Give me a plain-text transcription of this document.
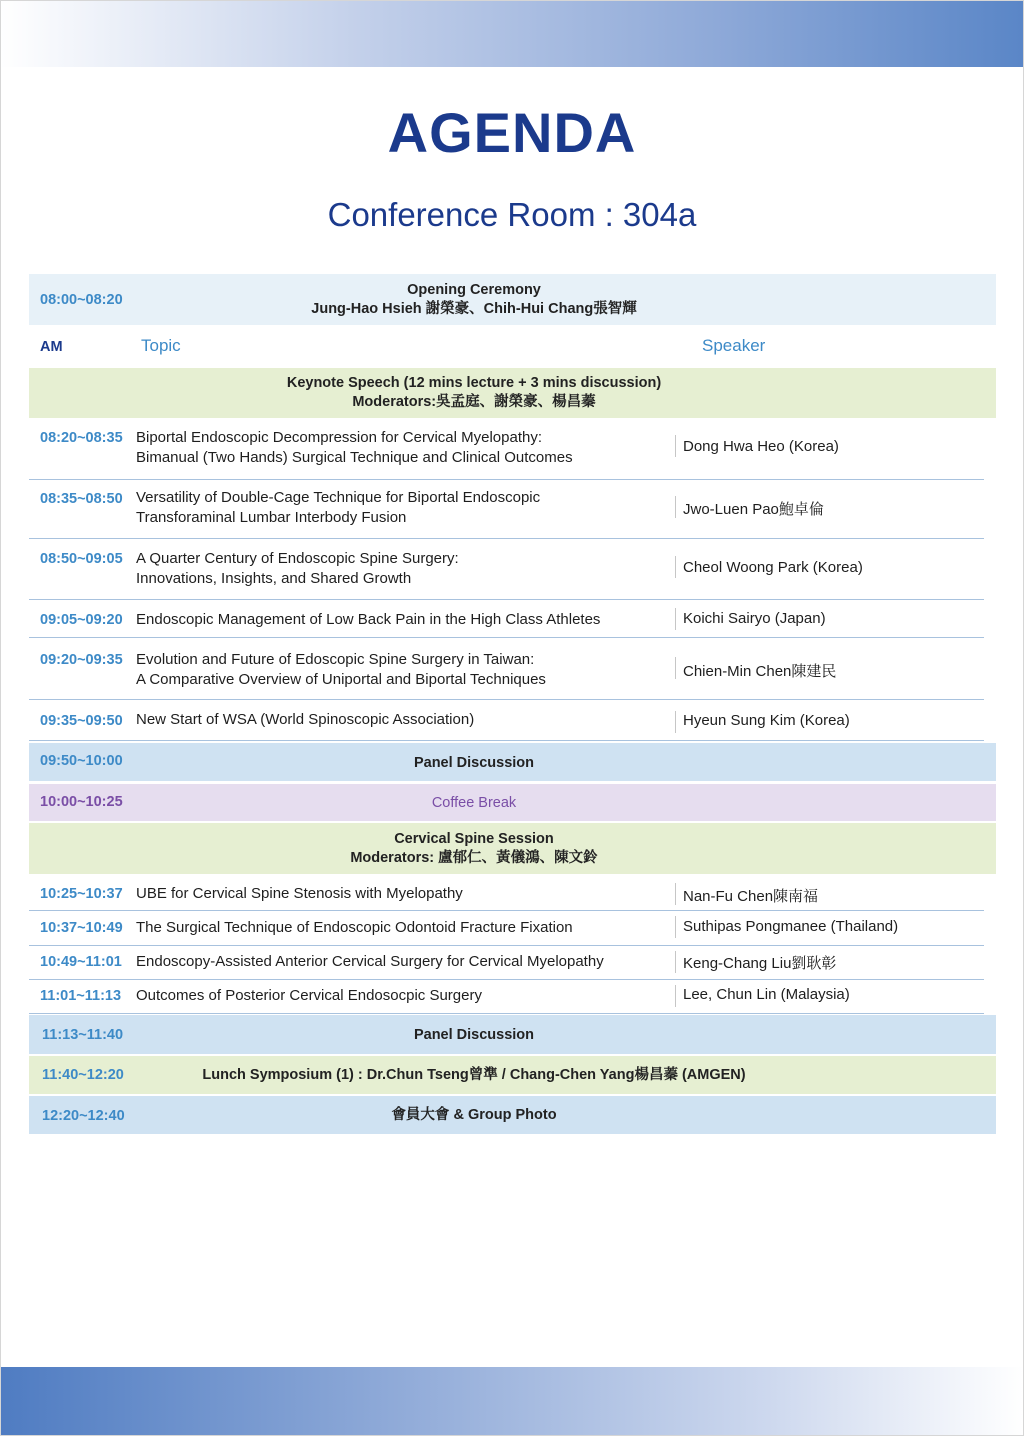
AGENDA
Conference Room : 304a
08:00~08:20
Opening Ceremony
Jung-Hao Hsieh 謝榮豪、Chih-Hui Chang張智輝
AM	Topic	Speaker
Keynote Speech (12 mins lecture + 3 mins discussion)
Moderators:吳孟庭、謝榮豪、楊昌蓁
08:20~08:35 Biportal Endoscopic Decompression for Cervical Myelopathy:
Bimanual (Two Hands) Surgical Technique and Clinical Outcomes
Dong Hwa Heo (Korea)
08:35~08:50 Versatility of Double-Cage Technique for Biportal Endoscopic
Transforaminal Lumbar Interbody Fusion	Jwo-Luen Pao鮑卓倫
08:50~09:05 A Quarter Century of Endoscopic Spine Surgery:
Innovations, Insights, and Shared Growth
Cheol Woong Park (Korea)
09:05~09:20 Endoscopic Management of Low Back Pain in the High Class Athletes	Koichi Sairyo (Japan)
09:20~09:35 Evolution and Future of Edoscopic Spine Surgery in Taiwan:
A Comparative Overview of Uniportal and Biportal Techniques	Chien-Min Chen陳建民
09:35~09:50 New Start of WSA (World Spinoscopic Association)	Hyeun Sung Kim (Korea)
09:50~10:00	Panel Discussion
10:00~10:25	Coffee Break
Cervical Spine Session
Moderators: 盧郁仁、黃儀鴻、陳文鈴
10:25~10:37 UBE for Cervical Spine Stenosis with Myelopathy	Nan-Fu Chen陳南福
10:37~10:49 The Surgical Technique of Endoscopic Odontoid Fracture Fixation	Suthipas Pongmanee (Thailand)
10:49~11:01 Endoscopy-Assisted Anterior Cervical Surgery for Cervical Myelopathy	Keng-Chang Liu劉耿彰
11:01~11:13 Outcomes of Posterior Cervical Endosocpic Surgery	Lee, Chun Lin (Malaysia)
11:13~11:40	Panel Discussion
11:40~12:20	Lunch Symposium (1) : Dr.Chun Tseng曾準 / Chang-Chen Yang楊昌蓁 (AMGEN)
12:20~12:40	會員大會 & Group Photo
